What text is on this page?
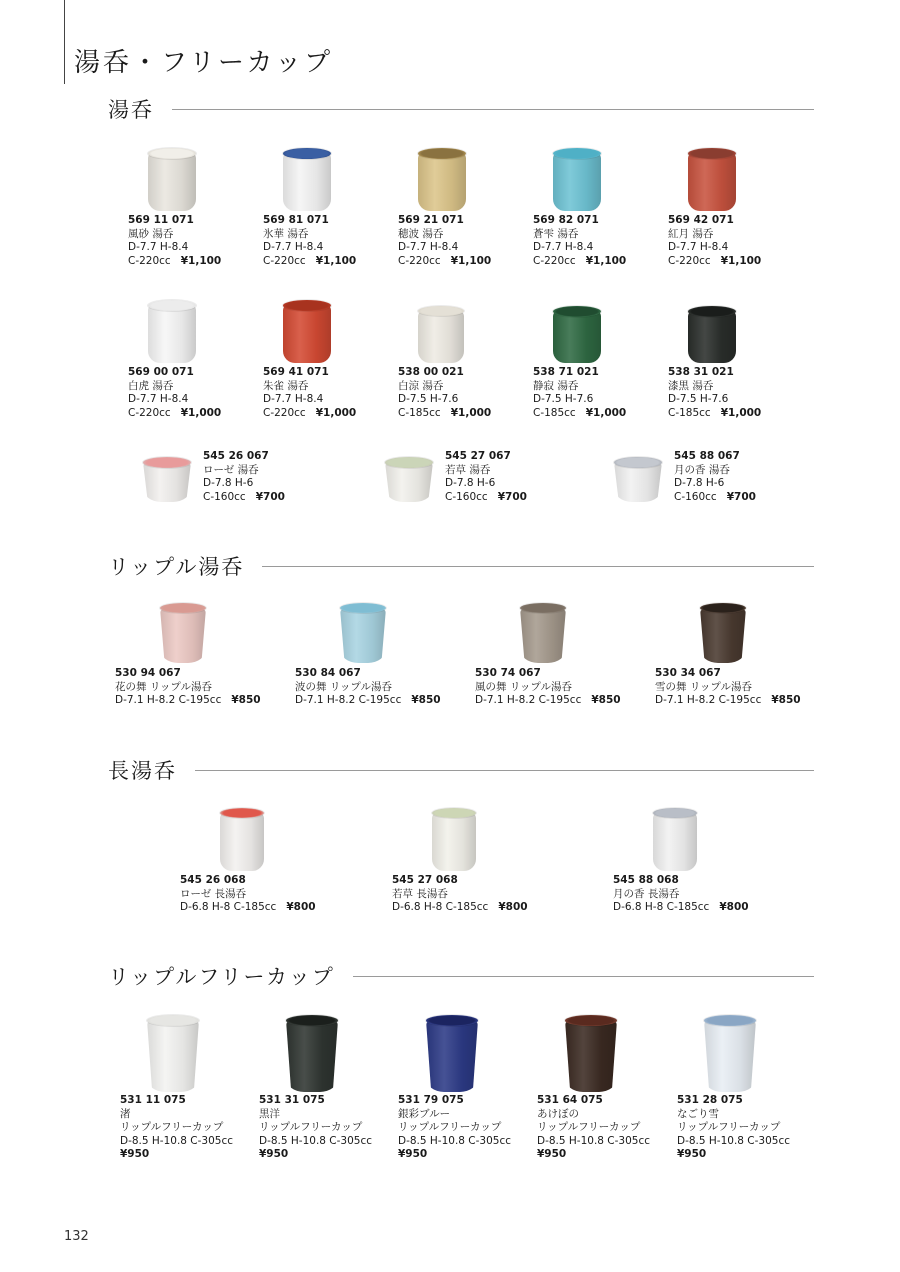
湯呑・フリーカップ
湯呑
リップル湯呑
長湯呑
リップルフリーカップ
569 11 071
風砂 湯呑
D-7.7 H-8.4
C-220cc ¥1,100
569 81 071
氷華 湯呑
D-7.7 H-8.4
C-220cc ¥1,100
569 21 071
穂波 湯呑
D-7.7 H-8.4
C-220cc ¥1,100
569 82 071
蒼雫 湯呑
D-7.7 H-8.4
C-220cc ¥1,100
569 42 071
紅月 湯呑
D-7.7 H-8.4
C-220cc ¥1,100
569 00 071
白虎 湯呑
D-7.7 H-8.4
C-220cc ¥1,000
569 41 071
朱雀 湯呑
D-7.7 H-8.4
C-220cc ¥1,000
538 00 021
白涼 湯呑
D-7.5 H-7.6
C-185cc ¥1,000
538 71 021
静寂 湯呑
D-7.5 H-7.6
C-185cc ¥1,000
538 31 021
漆黒 湯呑
D-7.5 H-7.6
C-185cc ¥1,000
545 26 067
ローゼ 湯呑
D-7.8 H-6
C-160cc ¥700
545 27 067
若草 湯呑
D-7.8 H-6
C-160cc ¥700
545 88 067
月の香 湯呑
D-7.8 H-6
C-160cc ¥700
530 94 067
花の舞 リップル湯呑
D-7.1 H-8.2 C-195cc ¥850
530 84 067
波の舞 リップル湯呑
D-7.1 H-8.2 C-195cc ¥850
530 74 067
風の舞 リップル湯呑
D-7.1 H-8.2 C-195cc ¥850
530 34 067
雪の舞 リップル湯呑
D-7.1 H-8.2 C-195cc ¥850
545 26 068
ローゼ 長湯呑
D-6.8 H-8 C-185cc ¥800
545 27 068
若草 長湯呑
D-6.8 H-8 C-185cc ¥800
545 88 068
月の香 長湯呑
D-6.8 H-8 C-185cc ¥800
531 11 075
渚
リップルフリーカップ
D-8.5 H-10.8 C-305cc
¥950
531 31 075
黒洋
リップルフリーカップ
D-8.5 H-10.8 C-305cc
¥950
531 79 075
銀彩ブルー
リップルフリーカップ
D-8.5 H-10.8 C-305cc
¥950
531 64 075
あけぼの
リップルフリーカップ
D-8.5 H-10.8 C-305cc
¥950
531 28 075
なごり雪
リップルフリーカップ
D-8.5 H-10.8 C-305cc
¥950
132
